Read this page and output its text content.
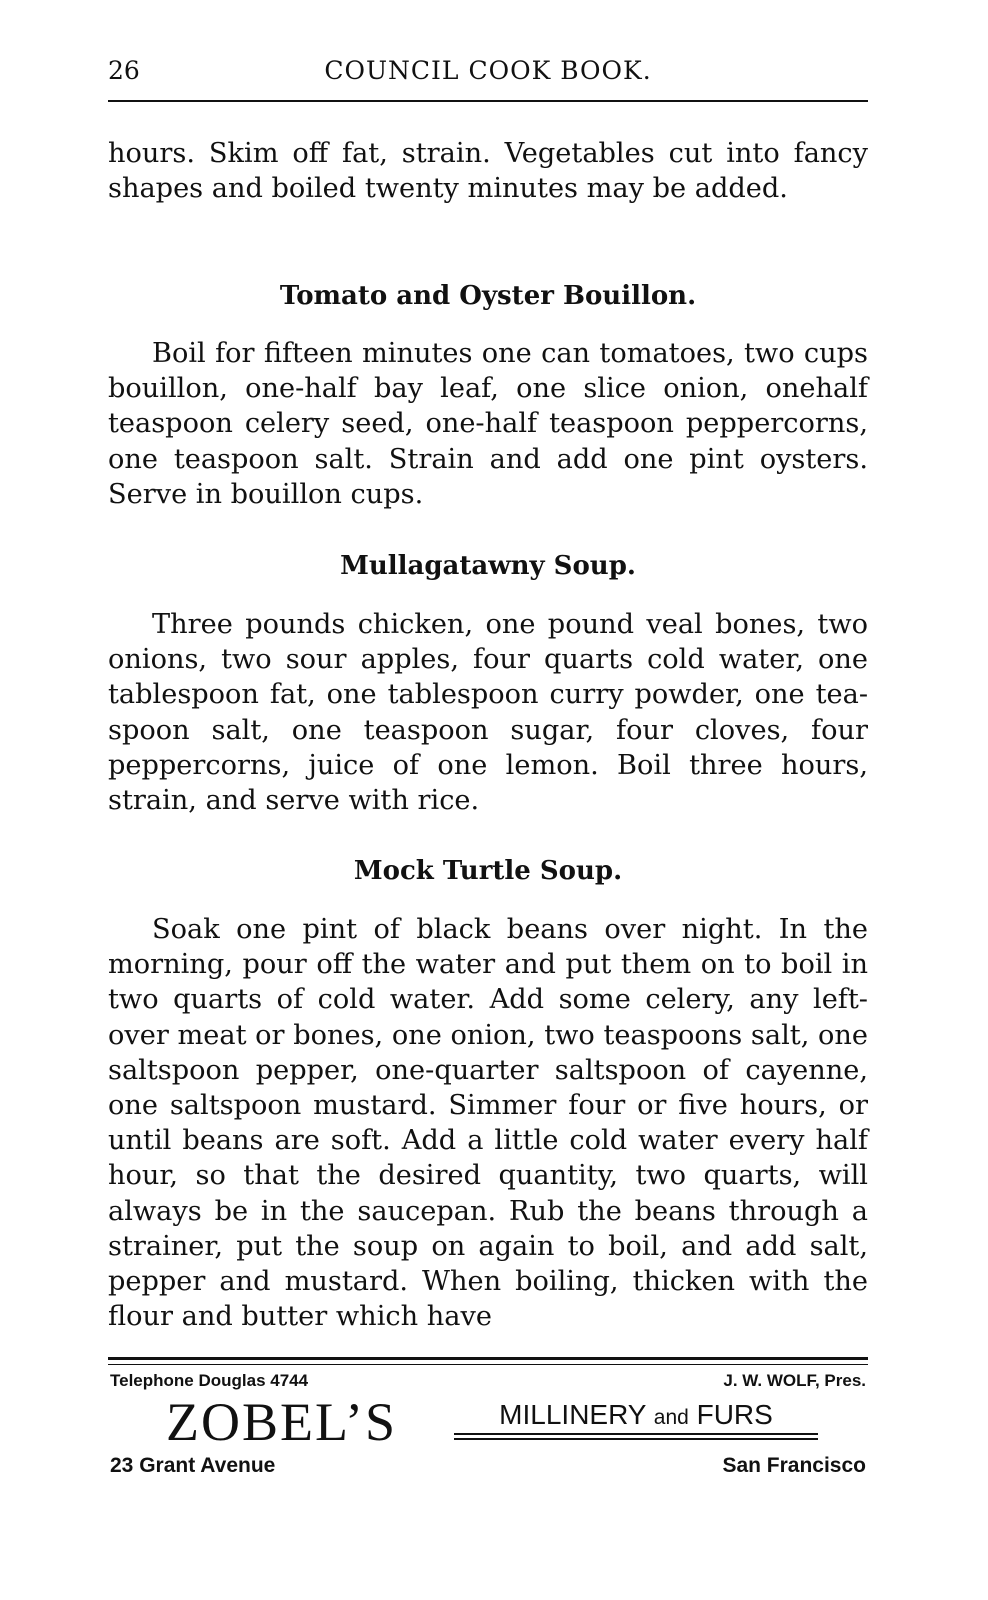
26	COUNCIL COOK BOOK.

hours. Skim off fat, strain. Vegetables cut into fancy shapes and boiled twenty minutes may be added.

Tomato and Oyster Bouillon.

Boil for fifteen minutes one can tomatoes, two cups bouillon, one-half bay leaf, one slice onion, onehalf teaspoon celery seed, one-half teaspoon peppercorns, one teaspoon salt. Strain and add one pint oysters. Serve in bouillon cups.

Mullagatawny Soup.

Three pounds chicken, one pound veal bones, two onions, two sour apples, four quarts cold water, one tablespoon fat, one tablespoon curry powder, one teaspoon salt, one teaspoon sugar, four cloves, four peppercorns, juice of one lemon. Boil three hours, strain, and serve with rice.

Mock Turtle Soup.

Soak one pint of black beans over night. In the morning, pour off the water and put them on to boil in two quarts of cold water. Add some celery, any left-over meat or bones, one onion, two teaspoons salt, one saltspoon pepper, one-quarter saltspoon of cayenne, one saltspoon mustard. Simmer four or five hours, or until beans are soft. Add a little cold water every half hour, so that the desired quantity, two quarts, will always be in the saucepan. Rub the beans through a strainer, put the soup on again to boil, and add salt, pepper and mustard. When boiling, thicken with the flour and butter which have

Telephone Douglas 4744	J. W. WOLF, Pres.
ZOBEL’S	MILLINERY and FURS
23 Grant Avenue	San Francisco
